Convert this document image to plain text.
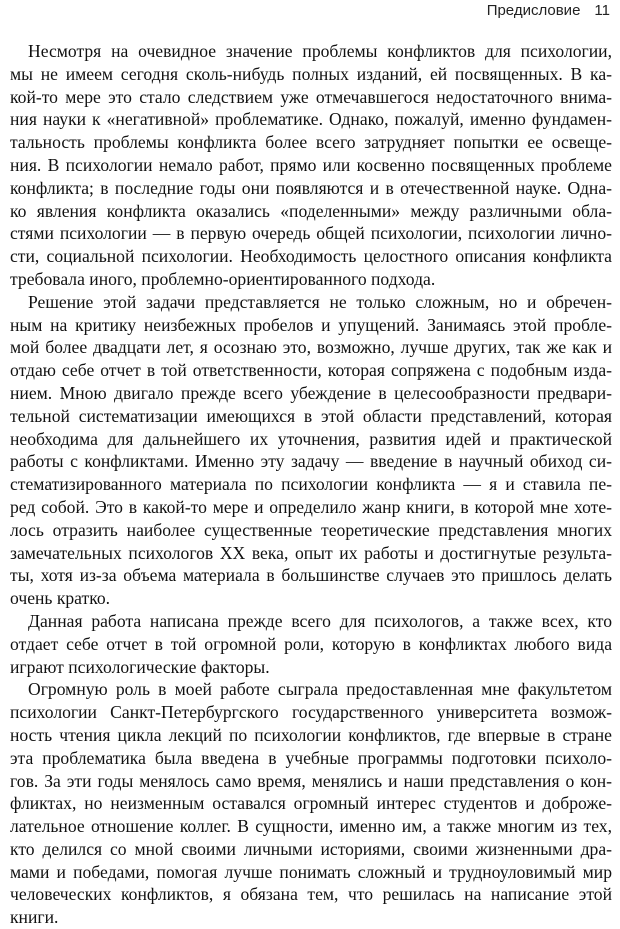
Предисловие 11
Несмотря на очевидное значение проблемы конфликтов для психологии,
мы не имеем сегодня сколь-нибудь полных изданий, ей посвященных. В ка-
кой-то мере это стало следствием уже отмечавшегося недостаточного внима-
ния науки к «негативной» проблематике. Однако, пожалуй, именно фундамен-
тальность проблемы конфликта более всего затрудняет попытки ее освеще-
ния. В психологии немало работ, прямо или косвенно посвященных проблеме
конфликта; в последние годы они появляются и в отечественной науке. Одна-
ко явления конфликта оказались «поделенными» между различными обла-
стями психологии — в первую очередь общей психологии, психологии лично-
сти, социальной психологии. Необходимость целостного описания конфликта
требовала иного, проблемно-ориентированного подхода.
Решение этой задачи представляется не только сложным, но и обречен-
ным на критику неизбежных пробелов и упущений. Занимаясь этой пробле-
мой более двадцати лет, я осознаю это, возможно, лучше других, так же как и
отдаю себе отчет в той ответственности, которая сопряжена с подобным изда-
нием. Мною двигало прежде всего убеждение в целесообразности предвари-
тельной систематизации имеющихся в этой области представлений, которая
необходима для дальнейшего их уточнения, развития идей и практической
работы с конфликтами. Именно эту задачу — введение в научный обиход си-
стематизированного материала по психологии конфликта — я и ставила пе-
ред собой. Это в какой-то мере и определило жанр книги, в которой мне хоте-
лось отразить наиболее существенные теоретические представления многих
замечательных психологов XX века, опыт их работы и достигнутые результа-
ты, хотя из-за объема материала в большинстве случаев это пришлось делать
очень кратко.
Данная работа написана прежде всего для психологов, а также всех, кто
отдает себе отчет в той огромной роли, которую в конфликтах любого вида
играют психологические факторы.
Огромную роль в моей работе сыграла предоставленная мне факультетом
психологии Санкт-Петербургского государственного университета возмож-
ность чтения цикла лекций по психологии конфликтов, где впервые в стране
эта проблематика была введена в учебные программы подготовки психоло-
гов. За эти годы менялось само время, менялись и наши представления о кон-
фликтах, но неизменным оставался огромный интерес студентов и доброже-
лательное отношение коллег. В сущности, именно им, а также многим из тех,
кто делился со мной своими личными историями, своими жизненными дра-
мами и победами, помогая лучше понимать сложный и трудноуловимый мир
человеческих конфликтов, я обязана тем, что решилась на написание этой
книги.
